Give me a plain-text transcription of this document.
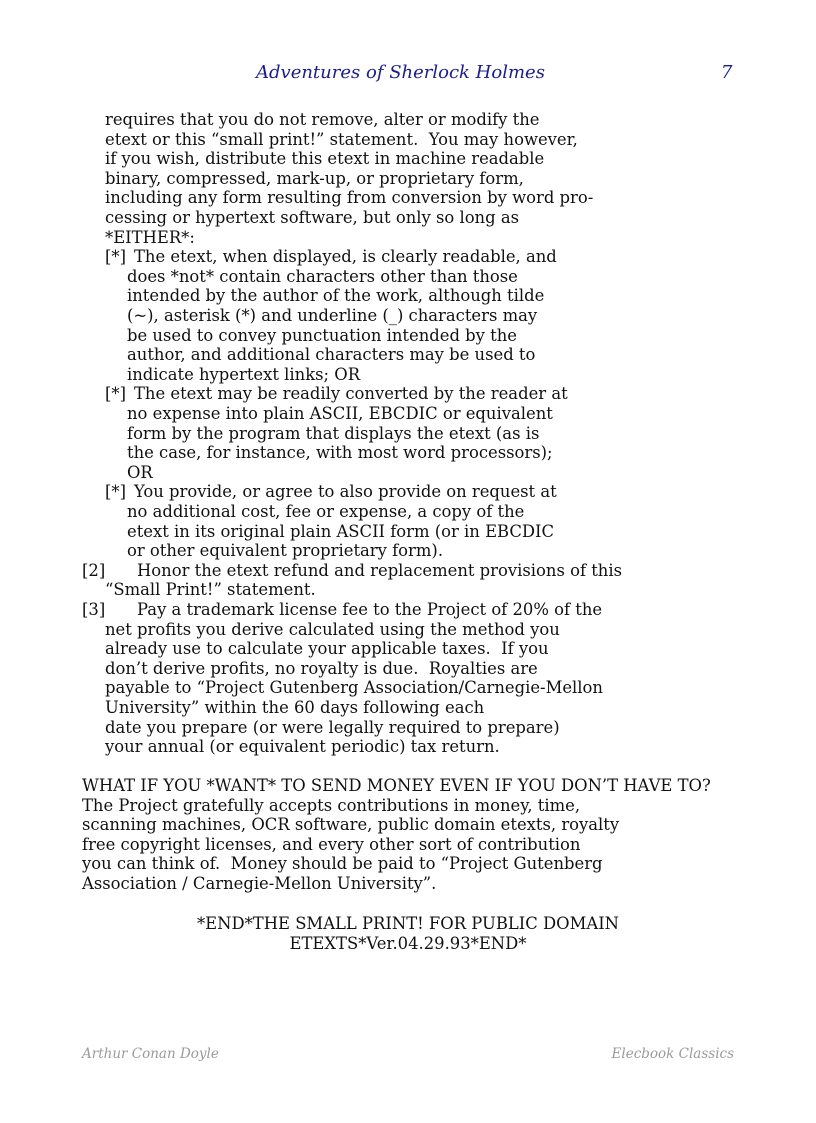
Adventures of Sherlock Holmes	7
requires that you do not remove, alter or modify the
etext or this “small print!” statement.  You may however,
if you wish, distribute this etext in machine readable
binary, compressed, mark-up, or proprietary form,
including any form resulting from conversion by word pro-
cessing or hypertext software, but only so long as
*EITHER*:
[*] The etext, when displayed, is clearly readable, and
does *not* contain characters other than those
intended by the author of the work, although tilde
(~), asterisk (*) and underline (_) characters may
be used to convey punctuation intended by the
author, and additional characters may be used to
indicate hypertext links; OR
[*] The etext may be readily converted by the reader at
no expense into plain ASCII, EBCDIC or equivalent
form by the program that displays the etext (as is
the case, for instance, with most word processors);
OR
[*] You provide, or agree to also provide on request at
no additional cost, fee or expense, a copy of the
etext in its original plain ASCII form (or in EBCDIC
or other equivalent proprietary form).
[2] Honor the etext refund and replacement provisions of this
“Small Print!” statement.
[3] Pay a trademark license fee to the Project of 20% of the
net profits you derive calculated using the method you
already use to calculate your applicable taxes.  If you
don’t derive profits, no royalty is due.  Royalties are
payable to “Project Gutenberg Association/Carnegie-Mellon
University” within the 60 days following each
date you prepare (or were legally required to prepare)
your annual (or equivalent periodic) tax return.
WHAT IF YOU *WANT* TO SEND MONEY EVEN IF YOU DON’T HAVE TO?
The Project gratefully accepts contributions in money, time,
scanning machines, OCR software, public domain etexts, royalty
free copyright licenses, and every other sort of contribution
you can think of.  Money should be paid to “Project Gutenberg
Association / Carnegie-Mellon University”.
*END*THE SMALL PRINT! FOR PUBLIC DOMAIN
ETEXTS*Ver.04.29.93*END*
Arthur Conan Doyle	Elecbook Classics
